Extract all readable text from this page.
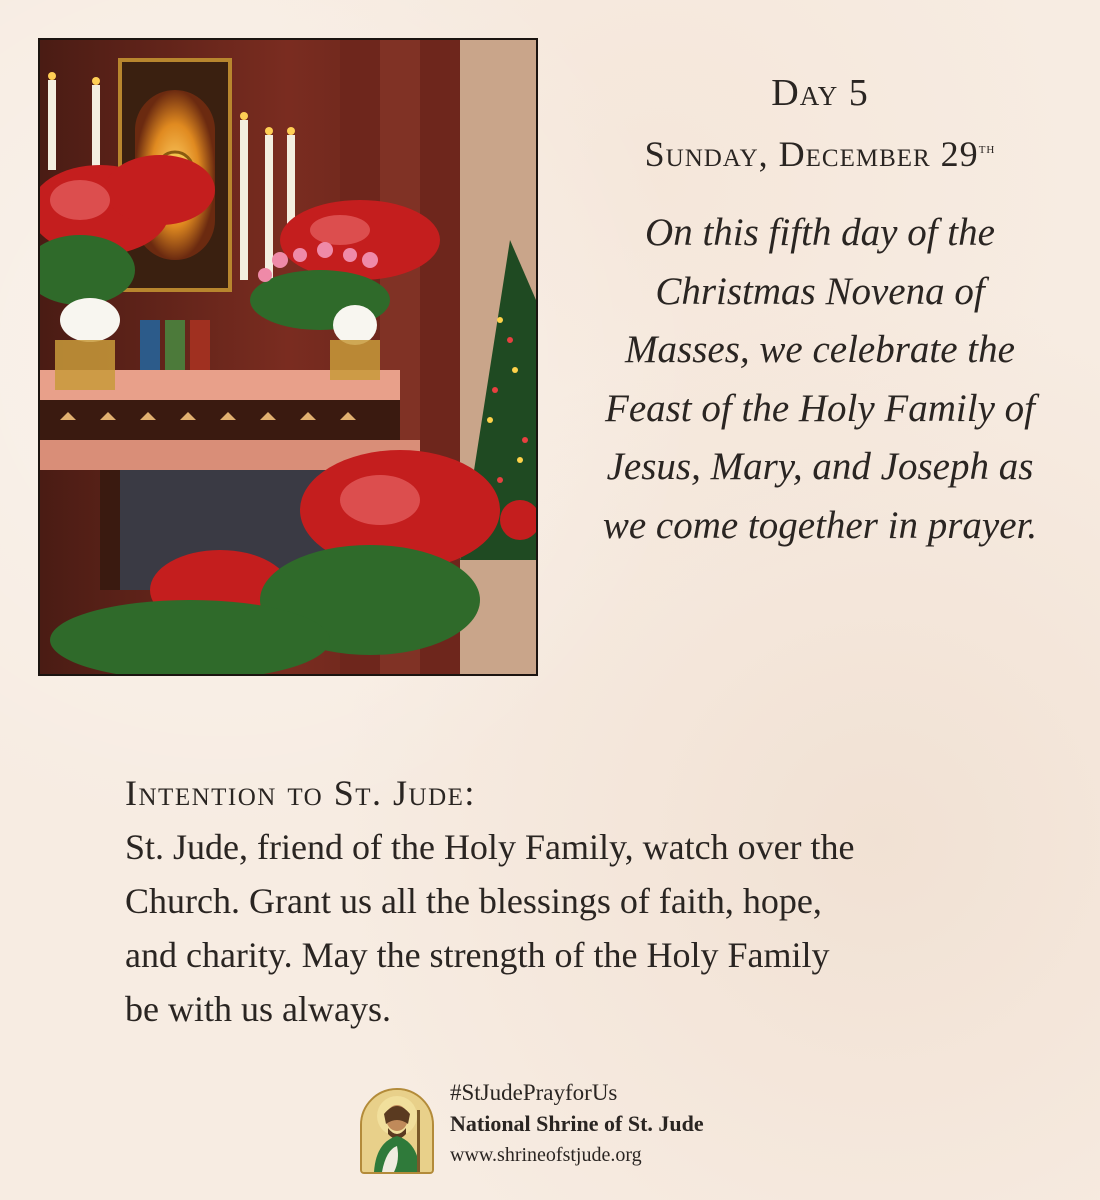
Day 5
Sunday, December 29th
On this fifth day of the
Christmas Novena of
Masses, we celebrate the
Feast of the Holy Family of
Jesus, Mary, and Joseph as
we come together in prayer.
Intention to St. Jude:
St. Jude, friend of the Holy Family, watch over the
Church. Grant us all the blessings of faith, hope,
and charity. May the strength of the Holy Family
be with us always.
#StJudePrayforUs
National Shrine of St. Jude
www.shrineofstjude.org
